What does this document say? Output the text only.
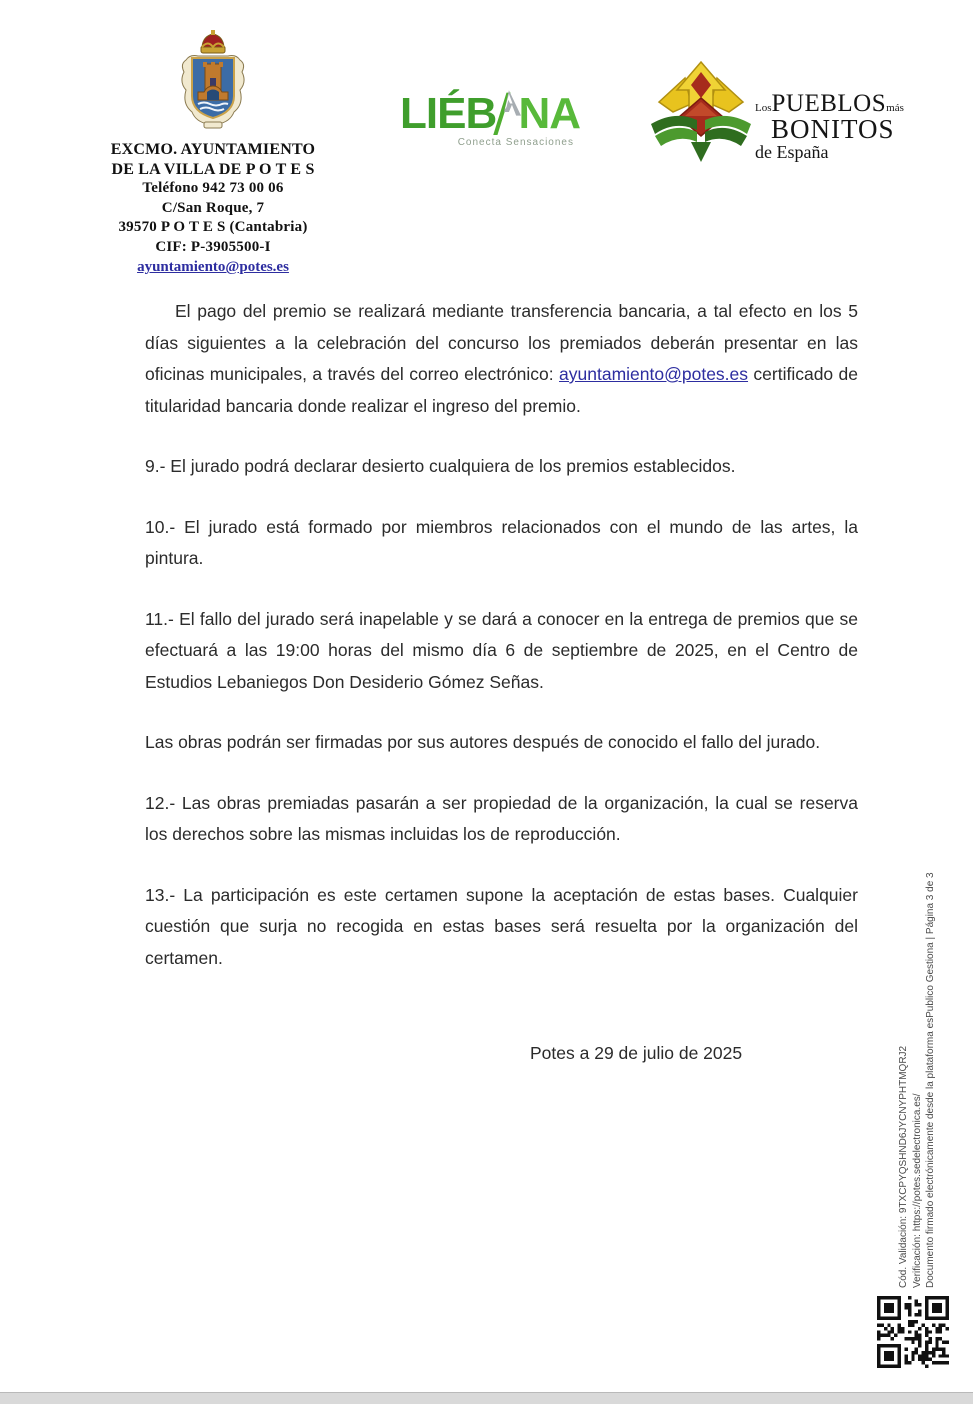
EXCMO. AYUNTAMIENTO
DE LA VILLA DE P O T E S
Teléfono 942 73 00 06
C/San Roque, 7
39570 P O T E S (Cantabria)
CIF: P-3905500-I
ayuntamiento@potes.es
LIÉB NA
Conecta Sensaciones
LosPUEBLOSmás
BONITOS
de España

El pago del premio se realizará mediante transferencia bancaria, a tal efecto en los 5 días siguientes a la celebración del concurso los premiados deberán presentar en las oficinas municipales, a través del correo electrónico: ayuntamiento@potes.es certificado de titularidad bancaria donde realizar el ingreso del premio.

9.- El jurado podrá declarar desierto cualquiera de los premios establecidos.

10.- El jurado está formado por miembros relacionados con el mundo de las artes, la pintura.

11.- El fallo del jurado será inapelable y se dará a conocer en la entrega de premios que se efectuará a las 19:00 horas del mismo día 6 de septiembre de 2025, en el Centro de Estudios Lebaniegos Don Desiderio Gómez Señas.

Las obras podrán ser firmadas por sus autores después de conocido el fallo del jurado.

12.- Las obras premiadas pasarán a ser propiedad de la organización, la cual se reserva los derechos sobre las mismas incluidas los de reproducción.

13.- La participación es este certamen supone la aceptación de estas bases. Cualquier cuestión que surja no recogida en estas bases será resuelta por la organización del certamen.

Potes a 29 de julio de 2025	Cód. Validación: 9TXCPYQSHND6JYCNYPHTMQRJ2 Verificación: https://potes.sedelectronica.es/ Documento firmado electrónicamente desde la plataforma esPublico Gestiona | Página 3 de 3
